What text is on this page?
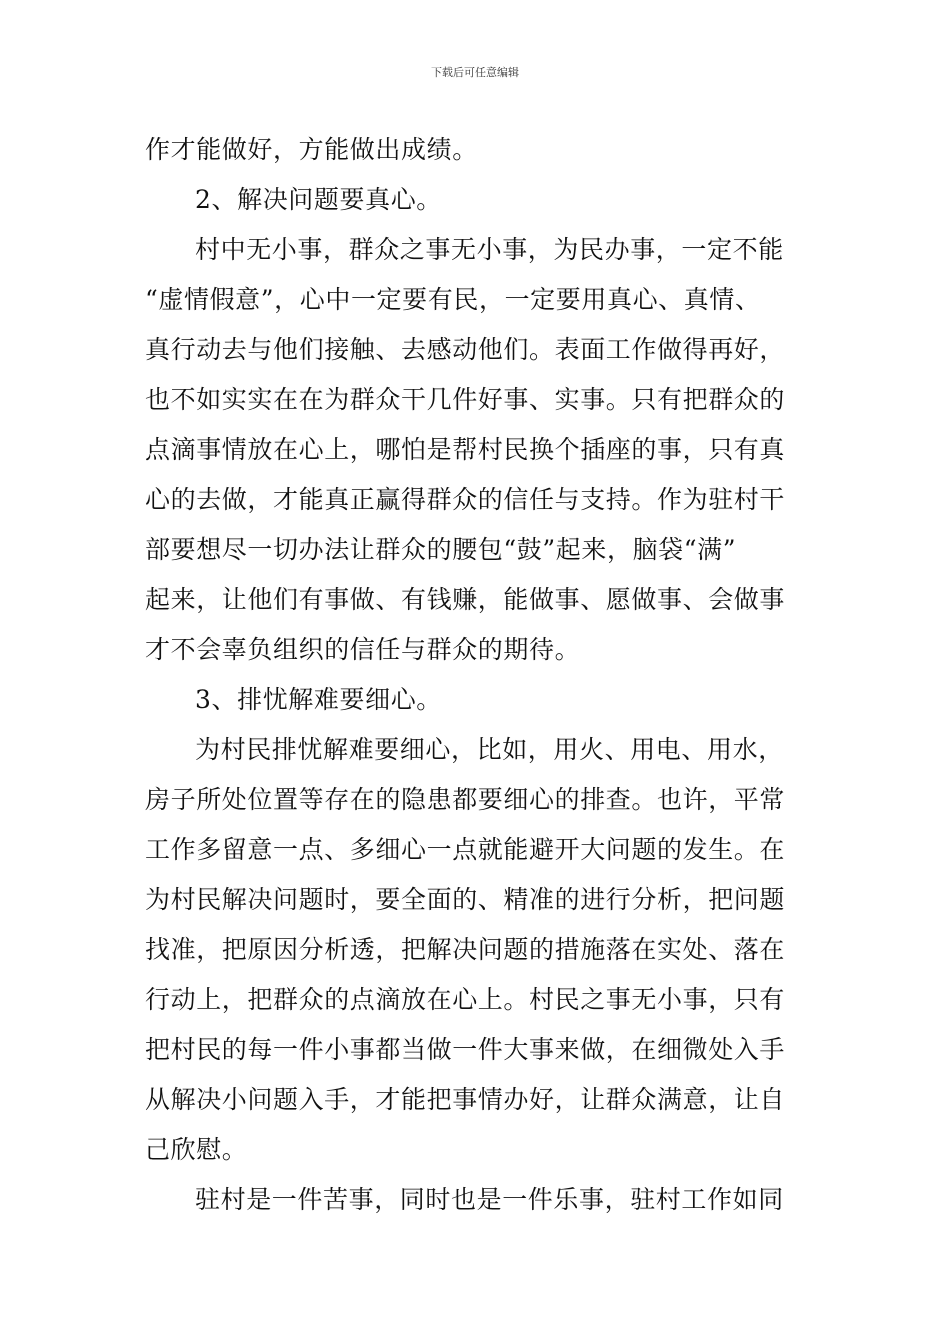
下载后可任意编辑
作才能做好，方能做出成绩。
2、解决问题要真心。
村中无小事，群众之事无小事，为民办事，一定不能
“虚情假意”，心中一定要有民，一定要用真心、真情、
真行动去与他们接触、去感动他们。表面工作做得再好，
也不如实实在在为群众干几件好事、实事。只有把群众的
点滴事情放在心上，哪怕是帮村民换个插座的事，只有真
心的去做，才能真正赢得群众的信任与支持。作为驻村干
部要想尽一切办法让群众的腰包“鼓”起来，脑袋“满”
起来，让他们有事做、有钱赚，能做事、愿做事、会做事
才不会辜负组织的信任与群众的期待。
3、排忧解难要细心。
为村民排忧解难要细心，比如，用火、用电、用水，
房子所处位置等存在的隐患都要细心的排查。也许，平常
工作多留意一点、多细心一点就能避开大问题的发生。在
为村民解决问题时，要全面的、精准的进行分析，把问题
找准，把原因分析透，把解决问题的措施落在实处、落在
行动上，把群众的点滴放在心上。村民之事无小事，只有
把村民的每一件小事都当做一件大事来做，在细微处入手
从解决小问题入手，才能把事情办好，让群众满意，让自
己欣慰。
驻村是一件苦事，同时也是一件乐事，驻村工作如同
